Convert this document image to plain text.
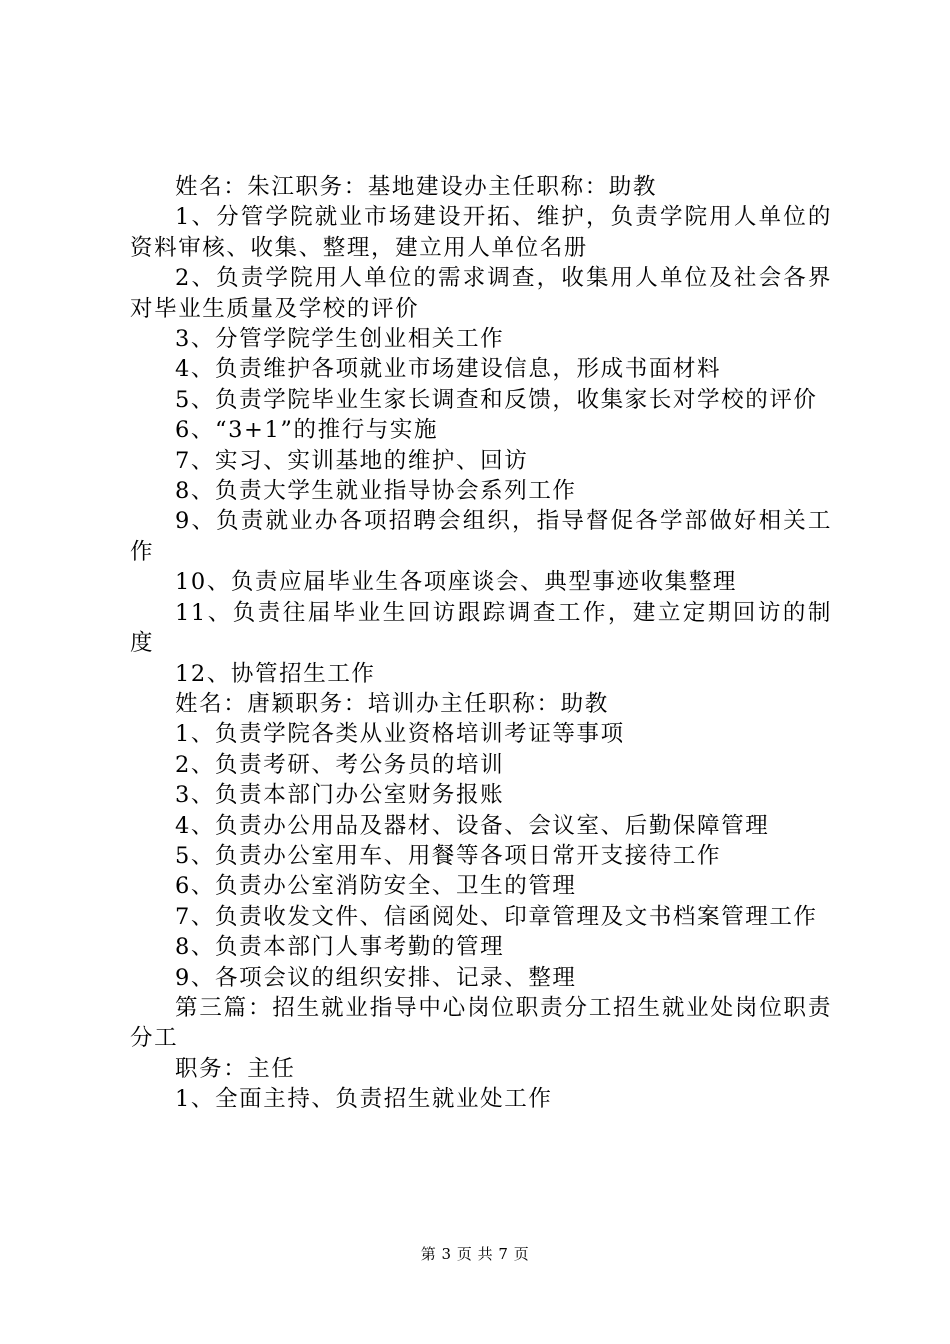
姓名：朱江职务：基地建设办主任职称：助教

1、分管学院就业市场建设开拓、维护，负责学院用人单位的资料审核、收集、整理，建立用人单位名册

2、负责学院用人单位的需求调查，收集用人单位及社会各界对毕业生质量及学校的评价

3、分管学院学生创业相关工作

4、负责维护各项就业市场建设信息，形成书面材料

5、负责学院毕业生家长调查和反馈，收集家长对学校的评价

6、“3+1”的推行与实施

7、实习、实训基地的维护、回访

8、负责大学生就业指导协会系列工作

9、负责就业办各项招聘会组织，指导督促各学部做好相关工作

10、负责应届毕业生各项座谈会、典型事迹收集整理

11、负责往届毕业生回访跟踪调查工作，建立定期回访的制度

12、协管招生工作

姓名：唐颖职务：培训办主任职称：助教

1、负责学院各类从业资格培训考证等事项

2、负责考研、考公务员的培训

3、负责本部门办公室财务报账

4、负责办公用品及器材、设备、会议室、后勤保障管理

5、负责办公室用车、用餐等各项日常开支接待工作

6、负责办公室消防安全、卫生的管理

7、负责收发文件、信函阅处、印章管理及文书档案管理工作

8、负责本部门人事考勤的管理

9、各项会议的组织安排、记录、整理

第三篇：招生就业指导中心岗位职责分工招生就业处岗位职责分工

职务：主任

1、全面主持、负责招生就业处工作

第 3 页 共 7 页
